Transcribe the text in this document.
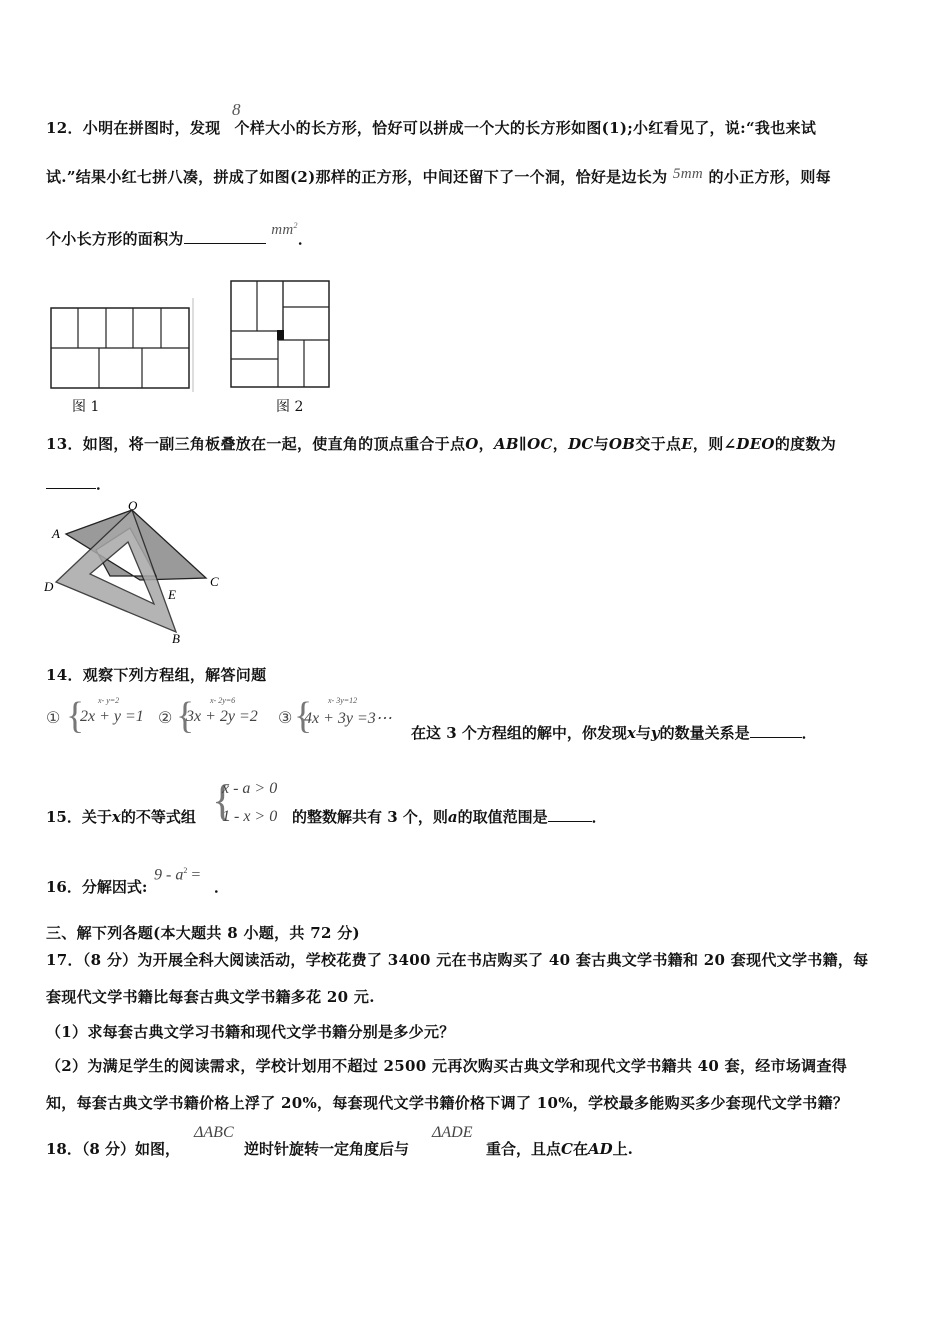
8
12．小明在拼图时，发现 个样大小的长方形，恰好可以拼成一个大的长方形如图(1);小红看见了，说:“我也来试
试.”结果小红七拼八凑，拼成了如图(2)那样的正方形，中间还留下了一个洞，恰好是边长为 5mm 的小正方形，则每
个小长方形的面积为	$mm^2$．
图 1	图 2
13．如图，将一副三角板叠放在一起，使直角的顶点重合于点O，AB∥OC，DC与OB交于点E，则∠DEO的度数为
．
A
O
D	C
E
B
14．观察下列方程组，解答问题
① { x- y=2
2x + y =1 ② { x- 2y=6
3x + 2y =2 ③ { x- 3y=12
4x + 3y =3⋯
在这 3 个方程组的解中，你发现x与y的数量关系是	．
15．关于x的不等式组 {
x - a > 0
1 - x > 0 的整数解共有 3 个，则a的取值范围是	．
16．分解因式:
$9 - a^2$ =
．
三、解下列各题(本大题共 8 小题，共 72 分)
17．（8 分）为开展全科大阅读活动，学校花费了 3400 元在书店购买了 40 套古典文学书籍和 20 套现代文学书籍，每
套现代文学书籍比每套古典文学书籍多花 20 元.
（1）求每套古典文学习书籍和现代文学书籍分别是多少元？
（2）为满足学生的阅读需求，学校计划用不超过 2500 元再次购买古典文学和现代文学书籍共 40 套，经市场调查得
知，每套古典文学书籍价格上浮了 20%，每套现代文学书籍价格下调了 10%，学校最多能购买多少套现代文学书籍？
18．（8 分）如图，
ΔABC
逆时针旋转一定角度后与
ΔADE
重合，且点C在AD上.
